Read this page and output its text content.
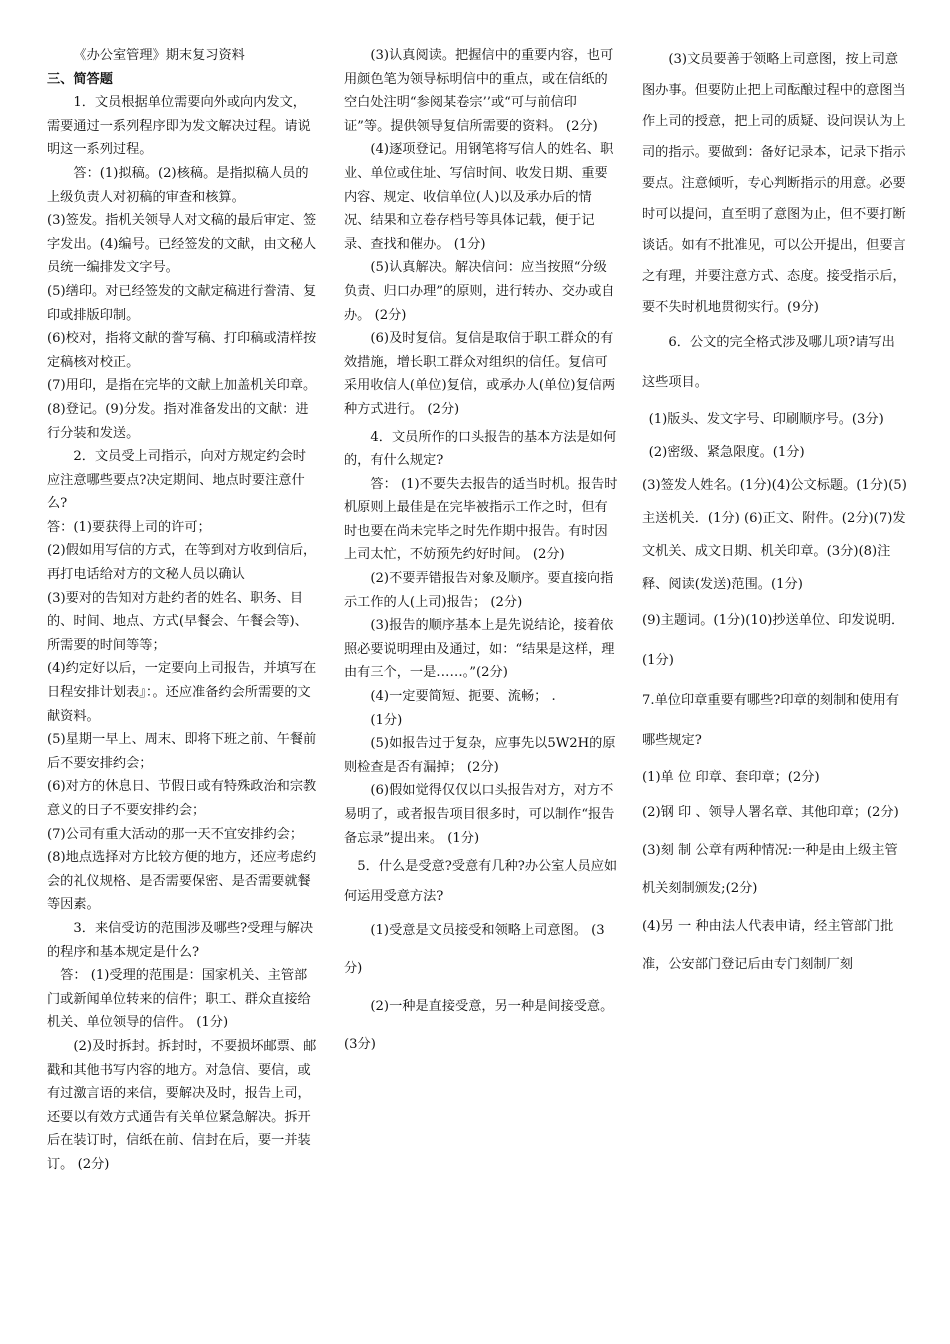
《办公室管理》期末复习资料

三、简答题

1．文员根据单位需要向外或向内发文，需要通过一系列程序即为发文解决过程。请说明这一系列过程。

答：(1)拟稿。(2)核稿。是指拟稿人员的上级负责人对初稿的审查和核算。

(3)签发。指机关领导人对文稿的最后审定、签字发出。(4)编号。已经签发的文献，由文秘人员统一编排发文字号。

(5)缮印。对已经签发的文献定稿进行誊清、复印或排版印制。

(6)校对，指将文献的誊写稿、打印稿或清样按定稿核对校正。

(7)用印，是指在完毕的文献上加盖机关印章。

(8)登记。(9)分发。指对准备发出的文献：进行分装和发送。

2．文员受上司指示，向对方规定约会时应注意哪些要点?决定期间、地点时要注意什么?

答：(1)要获得上司的许可；

(2)假如用写信的方式，在等到对方收到信后，再打电话给对方的文秘人员以确认

(3)要对的告知对方赴约者的姓名、职务、目的、时间、地点、方式(早餐会、午餐会等)、所需要的时间等等；

(4)约定好以后，一定要向上司报告，并填写在日程安排计划表』：。还应准备约会所需要的文献资料。

(5)星期一早上、周末、即将下班之前、午餐前后不要安排约会；

(6)对方的休息日、节假日或有特殊政治和宗教意义的日子不要安排约会；

(7)公司有重大活动的那一天不宜安排约会；

(8)地点选择对方比较方便的地方，还应考虑约会的礼仪规格、是否需要保密、是否需要就餐等因素。

3．来信受访的范围涉及哪些?受理与解决的程序和基本规定是什么?

答： (1)受理的范围是：国家机关、主管部门或新闻单位转来的信件；职工、群众直接给机关、单位领导的信件。 (1分)

(2)及时拆封。拆封时，不要损坏邮票、邮戳和其他书写内容的地方。对急信、要信，或有过激言语的来信，要解决及时，报告上司，还要以有效方式通告有关单位紧急解决。拆开后在装订时，信纸在前、信封在后，要一并装订。 (2分)

(3)认真阅读。把握信中的重要内容，也可用颜色笔为领导标明信中的重点，或在信纸的空白处注明“参阅某卷宗’’或“可与前信印证”等。提供领导复信所需要的资料。 (2分)

(4)逐项登记。用钢笔将写信人的姓名、职业、单位或住址、写信时间、收发日期、重要内容、规定、收信单位(人)以及承办后的情况、结果和立卷存档号等具体记载，便于记录、查找和催办。 (1分)

(5)认真解决。解决信问：应当按照“分级负责、归口办理”的原则，进行转办、交办或自办。 (2分)

(6)及时复信。复信是取信于职工群众的有效措施，增长职工群众对组织的信任。复信可采用收信人(单位)复信，或承办人(单位)复信两种方式进行。 (2分)

4．文员所作的口头报告的基本方法是如何的，有什么规定?

答： (1)不要失去报告的适当时机。报告时机原则上最佳是在完毕被指示工作之时，但有时也要在尚未完毕之时先作期中报告。有时因上司太忙，不妨预先约好时间。 (2分)

(2)不要弄错报告对象及顺序。要直接向指示工作的人(上司)报告； (2分)

(3)报告的顺序基本上是先说结论，接着依照必要说明理由及通过，如：“结果是这样，理由有三个，一是……。”(2分)

(4)一定要简短、扼要、流畅； .

(1分)

(5)如报告过于复杂，应事先以5W2H的原则检查是否有漏掉； (2分)

(6)假如觉得仅仅以口头报告对方，对方不易明了，或者报告项目很多时，可以制作“报告备忘录”提出来。 (1分)

5．什么是受意?受意有几种?办公室人员应如何运用受意方法?

(1)受意是文员接受和领略上司意图。 (3分)

(2)一种是直接受意，另一种是间接受意。(3分)

(3)文员要善于领略上司意图，按上司意图办事。但要防止把上司酝酿过程中的意图当作上司的授意，把上司的质疑、设问误认为上司的指示。要做到：备好记录本，记录下指示要点。注意倾听，专心判断指示的用意。必要时可以提问，直至明了意图为止，但不要打断谈话。如有不批准见，可以公开提出，但要言之有理，并要注意方式、态度。接受指示后，要不失时机地贯彻实行。(9分)

6．公文的完全格式涉及哪儿项?请写出这些项目。

(1)版头、发文字号、印刷顺序号。(3分)

(2)密级、紧急限度。(1分)

(3)签发人姓名。(1分)(4)公文标题。(1分)(5)主送机关．(1分) (6)正文、附件。(2分)(7)发文机关、成文日期、机关印章。(3分)(8)注释、阅读(发送)范围。(1分)

(9)主题词。(1分)(10)抄送单位、印发说明．(1分)

7.单位印章重要有哪些?印章的刻制和使用有哪些规定?

(1)单 位 印章、套印章；(2分)

(2)钢 印 、领导人署名章、其他印章；(2分)

(3)刻 制 公章有两种情况:一种是由上级主管机关刻制颁发;(2分)

(4)另 一 种由法人代表申请，经主管部门批准，公安部门登记后由专门刻制厂刻
